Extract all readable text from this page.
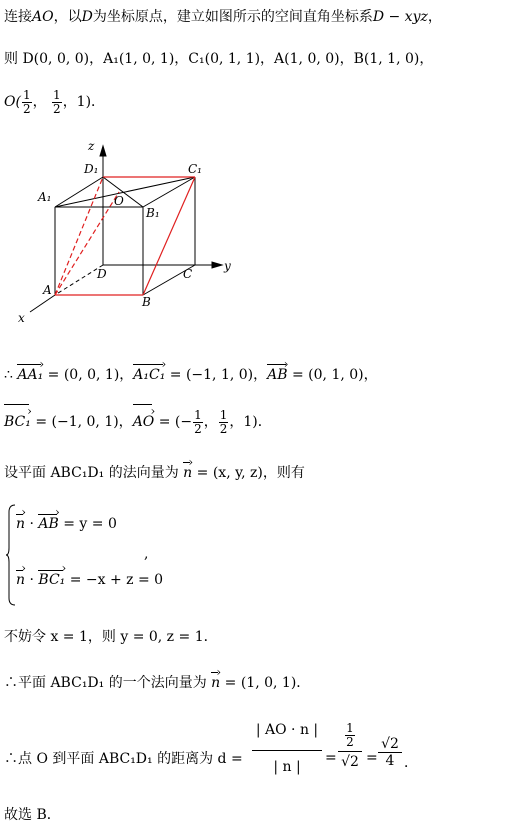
连接AO，以D为坐标原点，建立如图所示的空间直角坐标系D − xyz，
则 D(0, 0, 0)，A₁(1, 0, 1)，C₁(0, 1, 1)，A(1, 0, 0)，B(1, 1, 0)，
$O( \frac{1}{2}$ ， $\frac{1}{2}$ ，1)．
z
y
x
D₁	C₁
A₁
B₁
O
D	C
A
B
∴ AA₁ › = (0, 0, 1)，A₁C₁ › = (−1, 1, 0)，AB › = (0, 1, 0)，
BC₁ › = (−1, 0, 1)，AO › = (− $\frac{1}{2}$ ， $\frac{1}{2}$ ，1)．
设平面 ABC₁D₁ 的法向量为 n › = (x, y, z)，则有
n › · AB › = y = 0
,
n › · BC₁ › = −x + z = 0
不妨令 x = 1，则 y = 0, z = 1．
∴平面 ABC₁D₁ 的一个法向量为 n › = (1, 0, 1)．
∴点 O 到平面 ABC₁D₁ 的距离为 $d = \frac{| AO \cdot n |}{| n |}$ =
$\frac{1}{2}$
$√2 = \frac{√2}{4}$ ．
故选 B．
